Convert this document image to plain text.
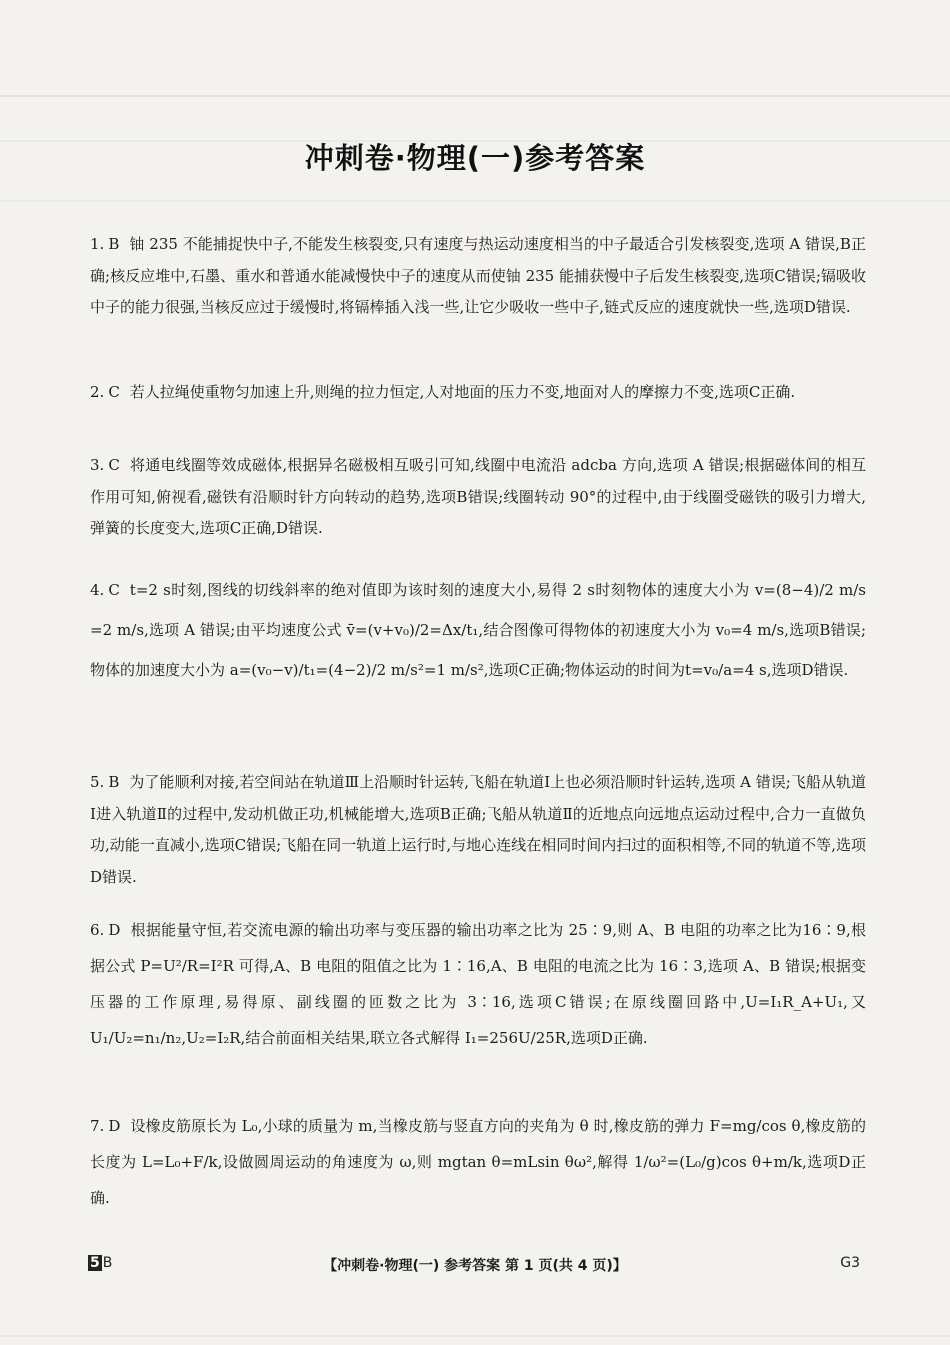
冲刺卷·物理(一)参考答案
1. B 铀 235 不能捕捉快中子,不能发生核裂变,只有速度与热运动速度相当的中子最适合引发核裂变,选项 A 错误,B正确;核反应堆中,石墨、重水和普通水能减慢快中子的速度从而使铀 235 能捕获慢中子后发生核裂变,选项C错误;镉吸收中子的能力很强,当核反应过于缓慢时,将镉棒插入浅一些,让它少吸收一些中子,链式反应的速度就快一些,选项D错误.
2. C 若人拉绳使重物匀加速上升,则绳的拉力恒定,人对地面的压力不变,地面对人的摩擦力不变,选项C正确.
3. C 将通电线圈等效成磁体,根据异名磁极相互吸引可知,线圈中电流沿 adcba 方向,选项 A 错误;根据磁体间的相互作用可知,俯视看,磁铁有沿顺时针方向转动的趋势,选项B错误;线圈转动 90°的过程中,由于线圈受磁铁的吸引力增大,弹簧的长度变大,选项C正确,D错误.
4. C t=2 s时刻,图线的切线斜率的绝对值即为该时刻的速度大小,易得 2 s时刻物体的速度大小为 v=(8−4)/2 m/s =2 m/s,选项 A 错误;由平均速度公式 v̄=(v+v₀)/2=Δx/t₁,结合图像可得物体的初速度大小为 v₀=4 m/s,选项B错误;物体的加速度大小为 a=(v₀−v)/t₁=(4−2)/2 m/s²=1 m/s²,选项C正确;物体运动的时间为t=v₀/a=4 s,选项D错误.
5. B 为了能顺利对接,若空间站在轨道Ⅲ上沿顺时针运转,飞船在轨道Ⅰ上也必须沿顺时针运转,选项 A 错误;飞船从轨道Ⅰ进入轨道Ⅱ的过程中,发动机做正功,机械能增大,选项B正确;飞船从轨道Ⅱ的近地点向远地点运动过程中,合力一直做负功,动能一直减小,选项C错误;飞船在同一轨道上运行时,与地心连线在相同时间内扫过的面积相等,不同的轨道不等,选项D错误.
6. D 根据能量守恒,若交流电源的输出功率与变压器的输出功率之比为 25∶9,则 A、B 电阻的功率之比为16∶9,根据公式 P=U²/R=I²R 可得,A、B 电阻的阻值之比为 1∶16,A、B 电阻的电流之比为 16∶3,选项 A、B 错误;根据变压器的工作原理,易得原、副线圈的匝数之比为 3∶16,选项C错误;在原线圈回路中,U=I₁R_A+U₁,又U₁/U₂=n₁/n₂,U₂=I₂R,结合前面相关结果,联立各式解得 I₁=256U/25R,选项D正确.
7. D 设橡皮筋原长为 L₀,小球的质量为 m,当橡皮筋与竖直方向的夹角为 θ 时,橡皮筋的弹力 F=mg/cos θ,橡皮筋的长度为 L=L₀+F/k,设做圆周运动的角速度为 ω,则 mgtan θ=mLsin θω²,解得 1/ω²=(L₀/g)cos θ+m/k,选项D正确.
5 B	【冲刺卷·物理(一) 参考答案 第 1 页(共 4 页)】	G3
